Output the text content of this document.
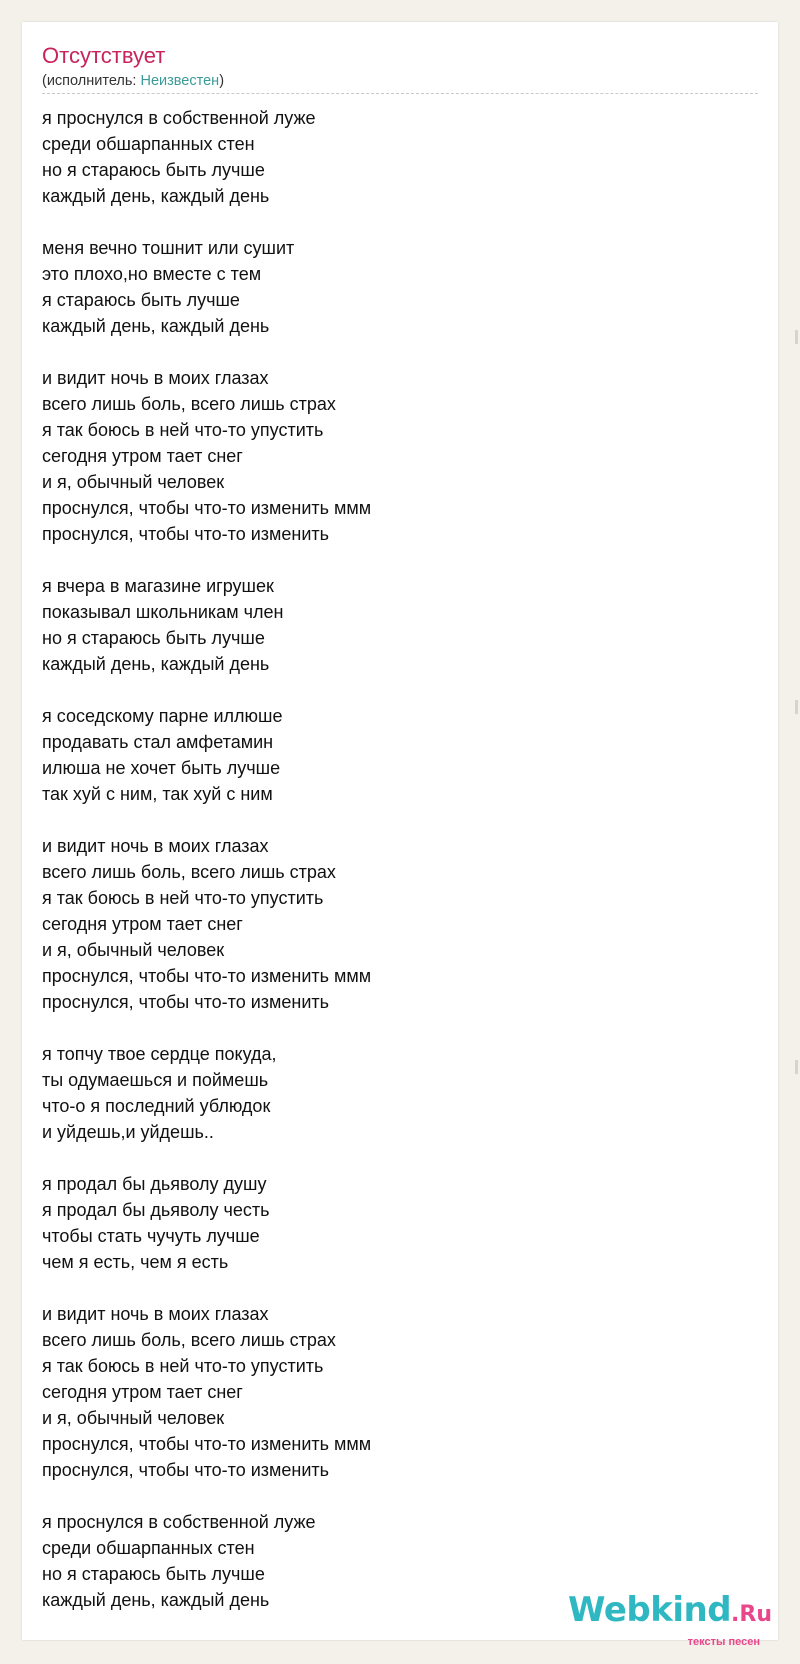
Отсутствует
(исполнитель: Неизвестен)
я проснулся в собственной луже
среди обшарпанных стен
но я стараюсь быть лучше
каждый день, каждый день
меня вечно тошнит или сушит
это плохо,но вместе с тем
я стараюсь быть лучше
каждый день, каждый день
и видит ночь в моих глазах
всего лишь боль, всего лишь страх
я так боюсь в ней что-то упустить
сегодня утром тает снег
и я, обычный человек
проснулся, чтобы что-то изменить ммм
проснулся, чтобы что-то изменить
я вчера в магазине игрушек
показывал школьникам член
но я стараюсь быть лучше
каждый день, каждый день
я соседскому парне иллюше
продавать стал амфетамин
илюша не хочет быть лучше
так хуй с ним, так хуй с ним
и видит ночь в моих глазах
всего лишь боль, всего лишь страх
я так боюсь в ней что-то упустить
сегодня утром тает снег
и я, обычный человек
проснулся, чтобы что-то изменить ммм
проснулся, чтобы что-то изменить
я топчу твое сердце покуда,
ты одумаешься и поймешь
что-о я последний ублюдок
и уйдешь,и уйдешь..
я продал бы дьяволу душу
я продал бы дьяволу честь
чтобы стать чучуть лучше
чем я есть, чем я есть
и видит ночь в моих глазах
всего лишь боль, всего лишь страх
я так боюсь в ней что-то упустить
сегодня утром тает снег
и я, обычный человек
проснулся, чтобы что-то изменить ммм
проснулся, чтобы что-то изменить
я проснулся в собственной луже
среди обшарпанных стен
но я стараюсь быть лучше
каждый день, каждый день	Webkind.Ru
тексты песен
